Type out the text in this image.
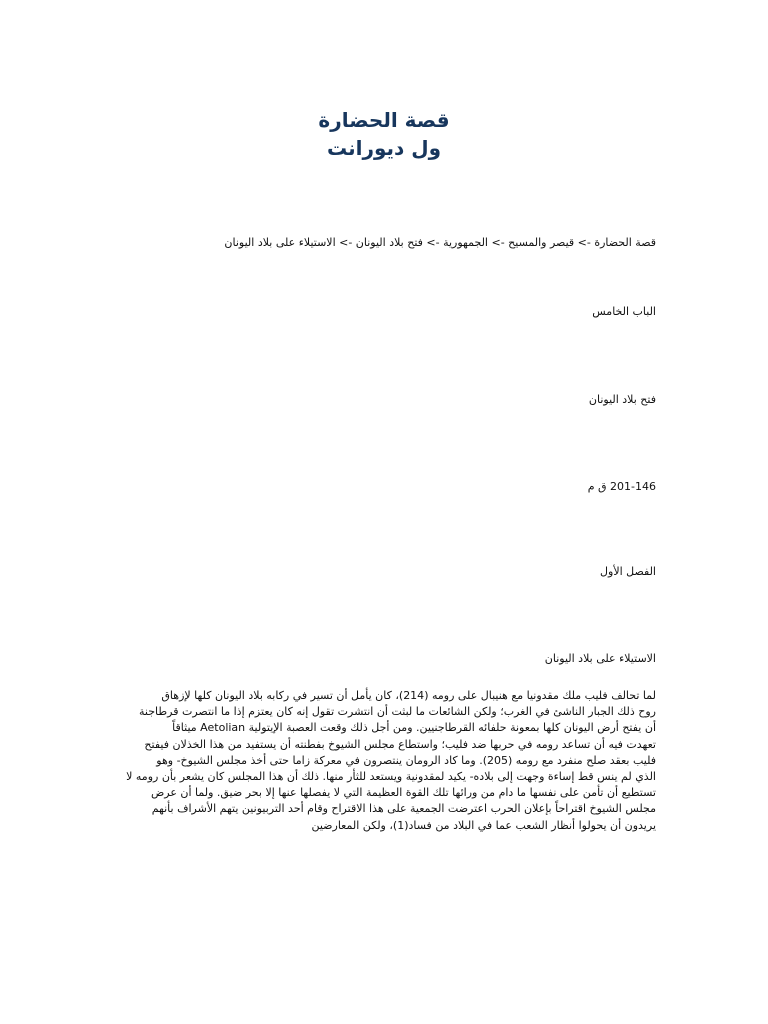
قصة الحضارة
ول ديورانت
قصة الحضارة -> قيصر والمسيح -> الجمهورية -> فتح بلاد اليونان -> الاستيلاء على بلاد اليونان
الباب الخامس
فتح بلاد اليونان
201-146 ق م
الفصل الأول
الاستيلاء على بلاد اليونان
لما تحالف فليب ملك مقدونيا مع هنيبال على رومه (214)، كان يأمل أن تسير في ركابه بلاد اليونان كلها لإزهاق
روح ذلك الجبار الناشئ في الغرب؛ ولكن الشائعات ما لبثت أن انتشرت تقول إنه كان يعتزم إذا ما انتصرت قرطاجنة
أن يفتح أرض اليونان كلها بمعونة حلفائه القرطاجنيين. ومن أجل ذلك وقعت العصبة الإيتولية Aetolian ميثاقاً
تعهدت فيه أن تساعد رومه في حربها ضد فليب؛ واستطاع مجلس الشيوخ بفطنته أن يستفيد من هذا الخذلان فيفتح
فليب بعقد صلح منفرد مع رومه (205). وما كاد الرومان ينتصرون في معركة زاما حتى أخذ مجلس الشيوخ- وهو
الذي لم ينس قط إساءة وجهت إلى بلاده- يكيد لمقدونية ويستعد للثأر منها. ذلك أن هذا المجلس كان يشعر بأن رومه لا
تستطيع أن تأمن على نفسها ما دام من ورائها تلك القوة العظيمة التي لا يفصلها عنها إلا بحر ضيق. ولما أن عرض
مجلس الشيوخ اقتراحاً بإعلان الحرب اعترضت الجمعية على هذا الاقتراح وقام أحد التربيونين يتهم الأشراف بأنهم
يريدون أن يحولوا أنظار الشعب عما في البلاد من فساد(1)، ولكن المعارضين
